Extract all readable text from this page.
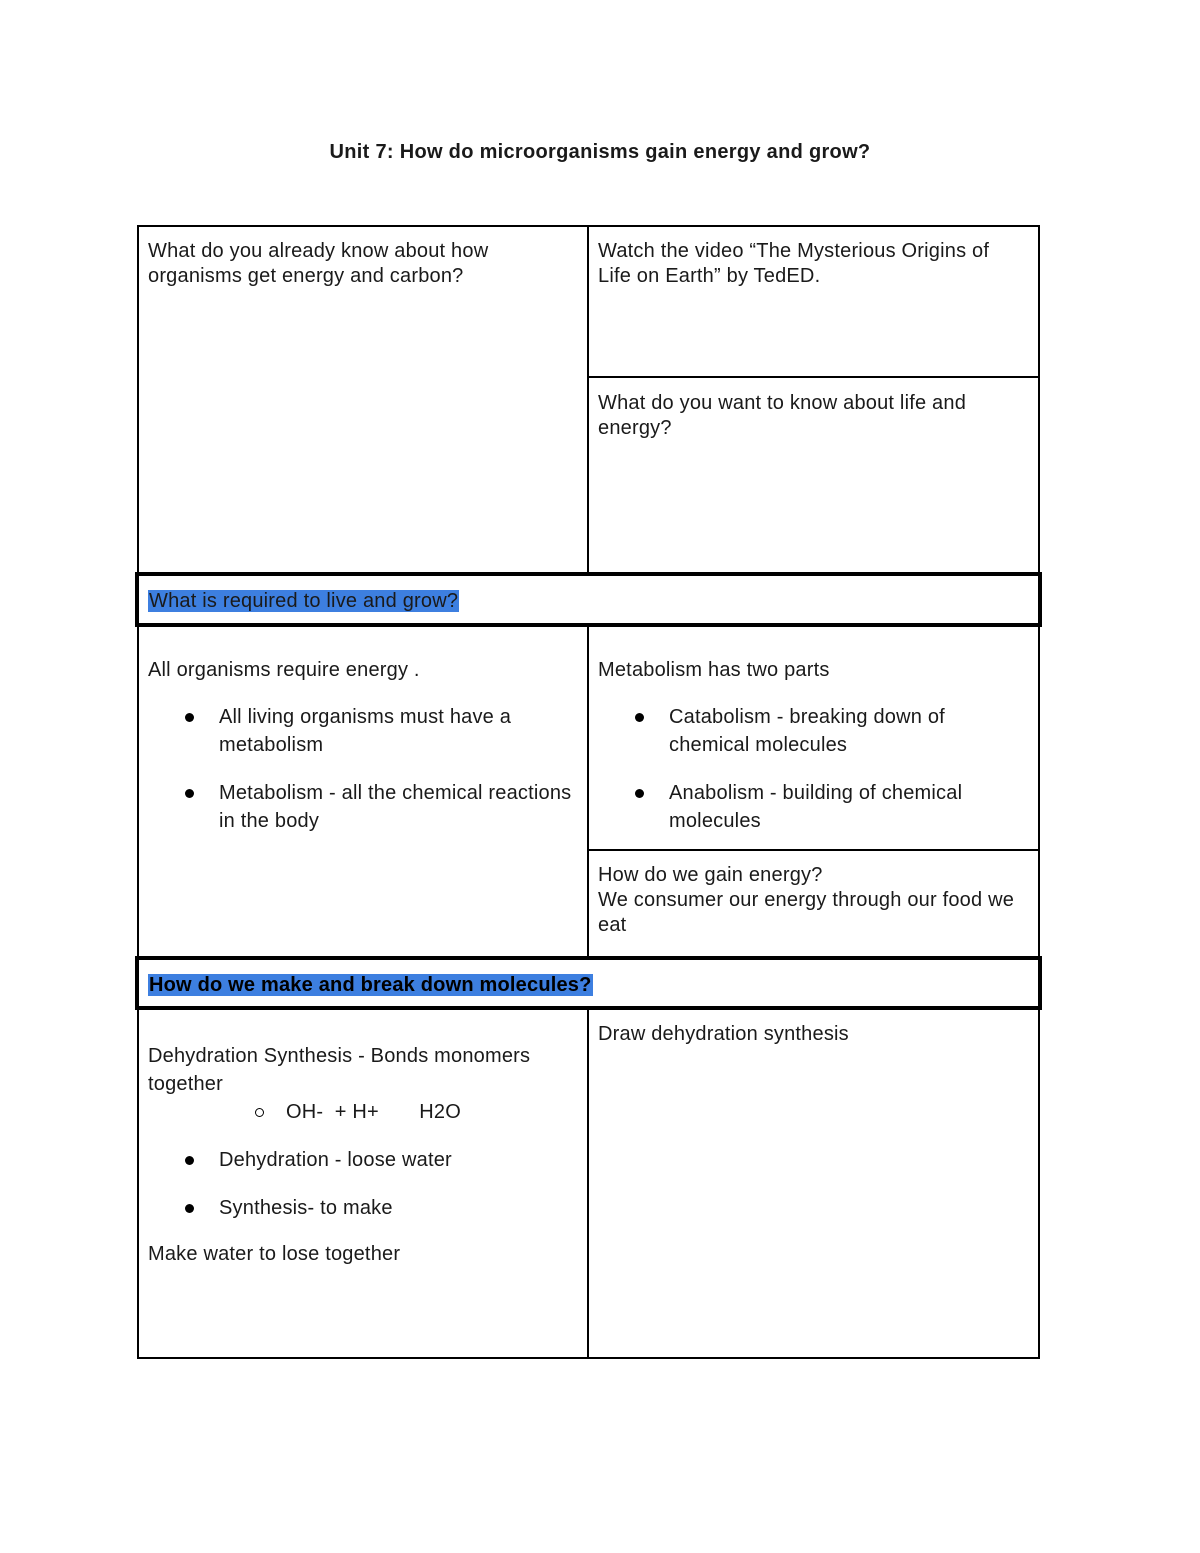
Unit 7: How do microorganisms gain energy and grow?

What do you already know about how organisms get energy and carbon?

Watch the video “The Mysterious Origins of Life on Earth” by TedED.

What do you want to know about life and energy?

What is required to live and grow?

All organisms require energy .

All living organisms must have a metabolism
Metabolism - all the chemical reactions in the body

Metabolism has two parts

Catabolism - breaking down of chemical molecules
Anabolism - building of chemical molecules

How do we gain energy?

We consumer our energy through our food we eat

How do we make and break down molecules?

Dehydration Synthesis - Bonds monomers together

OH-  + H+       H2O

Dehydration - loose water
Synthesis- to make

Make water to lose together

Draw dehydration synthesis
